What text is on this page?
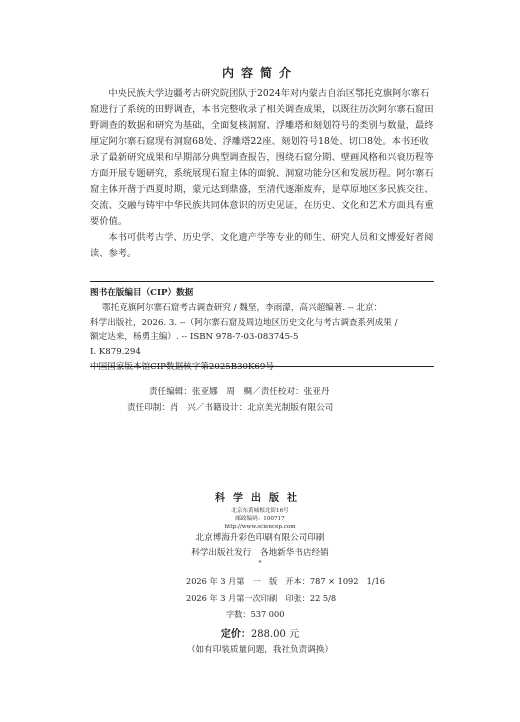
内容简介

中央民族大学边疆考古研究院团队于2024年对内蒙古自治区鄂托克旗阿尔寨石窟进行了系统的田野调查，本书完整收录了相关调查成果，以既往历次阿尔寨石窟田野调查的数据和研究为基础，全面复核洞窟、浮雕塔和刻划符号的类别与数量，最终厘定阿尔寨石窟现有洞窟68处、浮雕塔22座、刻划符号18处、切口8处。本书还收录了最新研究成果和早期部分典型调查报告，围绕石窟分期、壁画风格和兴衰历程等方面开展专题研究，系统展现石窟主体的面貌、洞窟功能分区和发展历程。阿尔寨石窟主体开凿于西夏时期，蒙元达到鼎盛，至清代逐渐废弃，是草原地区多民族交往、交流、交融与铸牢中华民族共同体意识的历史见证，在历史、文化和艺术方面具有重要价值。

本书可供考古学、历史学、文化遗产学等专业的师生、研究人员和文博爱好者阅读、参考。

图书在版编目（CIP）数据
鄂托克旗阿尔寨石窟考古调查研究 / 魏坚，李雨濛，高兴超编著. -- 北京：
科学出版社，2026. 3. --（阿尔寨石窟及周边地区历史文化与考古调查系列成果 /
额定达来，杨勇主编）. -- ISBN 978-7-03-083745-5
Ⅰ. K879.294
中国国家版本馆CIP数据核字第2025B30K69号
责任编辑：张亚娜　周　赒／责任校对：张亚丹
责任印制：肖　兴／书籍设计：北京美光制版有限公司
科学出版社
北京东黄城根北街16号
邮政编码：100717
http://www.sciencep.com
北京博海升彩色印刷有限公司印刷
科学出版社发行　各地新华书店经销
*
2026 年 3 月第　一　版　开本：787 × 1092　1/16
2026 年 3 月第一次印刷　印张：22 5/8
字数：537 000
定价：288.00 元
（如有印装质量问题，我社负责调换）
